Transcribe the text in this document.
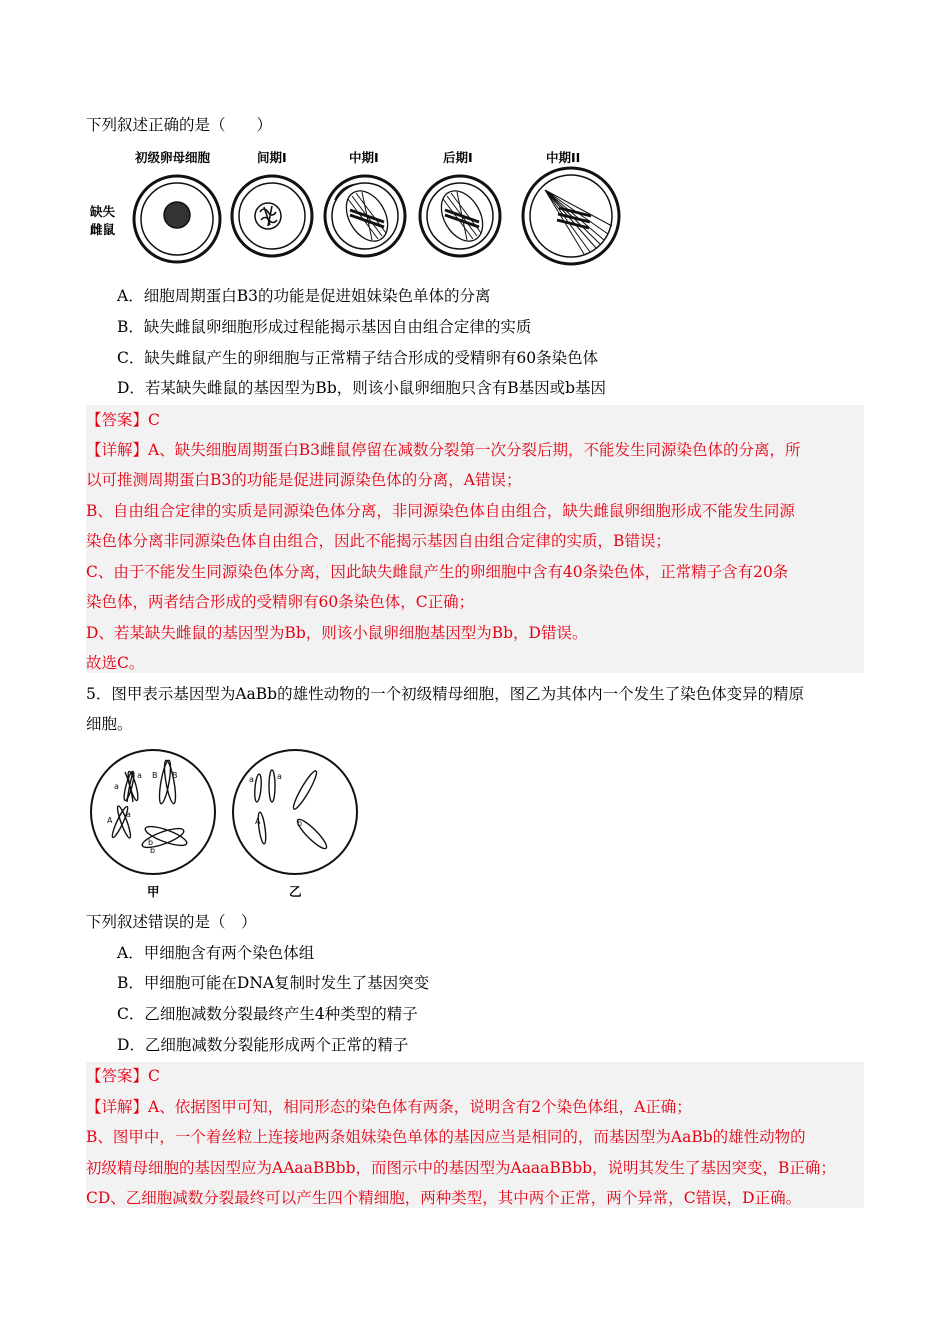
下列叙述正确的是（　　）
初级卵母细胞	间期I	中期I	后期I	中期II
缺失
雌鼠
A．细胞周期蛋白B3的功能是促进姐妹染色单体的分离
B．缺失雌鼠卵细胞形成过程能揭示基因自由组合定律的实质
C．缺失雌鼠产生的卵细胞与正常精子结合形成的受精卵有60条染色体
D．若某缺失雌鼠的基因型为Bb，则该小鼠卵细胞只含有B基因或b基因
【答案】C
【详解】A、缺失细胞周期蛋白B3雌鼠停留在减数分裂第一次分裂后期，不能发生同源染色体的分离，所
以可推测周期蛋白B3的功能是促进同源染色体的分离，A错误；
B、自由组合定律的实质是同源染色体分离，非同源染色体自由组合，缺失雌鼠卵细胞形成不能发生同源
染色体分离非同源染色体自由组合，因此不能揭示基因自由组合定律的实质，B错误；
C、由于不能发生同源染色体分离，因此缺失雌鼠产生的卵细胞中含有40条染色体，正常精子含有20条
染色体，两者结合形成的受精卵有60条染色体，C正确；
D、若某缺失雌鼠的基因型为Bb，则该小鼠卵细胞基因型为Bb，D错误。
故选C。
5．图甲表示基因型为AaBb的雄性动物的一个初级精母细胞，图乙为其体内一个发生了染色体变异的精原
细胞。
a
a B B
A
a
b
b
a	a
A	b
甲	乙
下列叙述错误的是（　）
A．甲细胞含有两个染色体组
B．甲细胞可能在DNA复制时发生了基因突变
C．乙细胞减数分裂最终产生4种类型的精子
D．乙细胞减数分裂能形成两个正常的精子
【答案】C
【详解】A、依据图甲可知，相同形态的染色体有两条，说明含有2个染色体组，A正确；
B、图甲中，一个着丝粒上连接地两条姐妹染色单体的基因应当是相同的，而基因型为AaBb的雄性动物的
初级精母细胞的基因型应为AAaaBBbb，而图示中的基因型为AaaaBBbb，说明其发生了基因突变，B正确；
CD、乙细胞减数分裂最终可以产生四个精细胞，两种类型，其中两个正常，两个异常，C错误，D正确。
